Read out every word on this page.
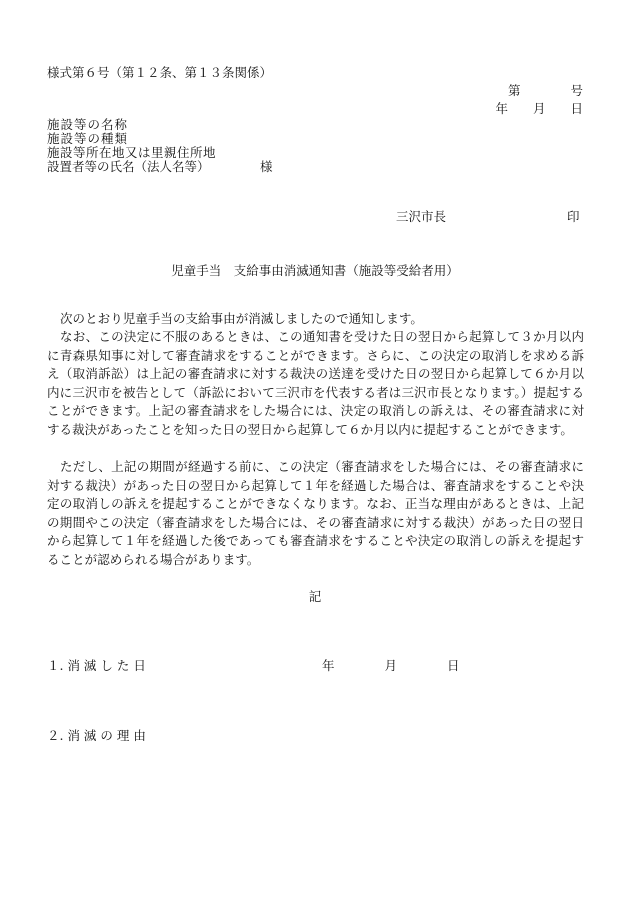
様式第６号（第１２条、第１３条関係）
第　　　　号
年　　月　　日
施設等の名称
施設等の種類
施設等所在地又は里親住所地
設置者等の氏名（法人名等）	様
三沢市長	印
児童手当　支給事由消滅通知書（施設等受給者用）
次のとおり児童手当の支給事由が消滅しましたので通知します。
なお、この決定に不服のあるときは、この通知書を受けた日の翌日から起算して３か月以内に青森県知事に対して審査請求をすることができます。さらに、この決定の取消しを求める訴え（取消訴訟）は上記の審査請求に対する裁決の送達を受けた日の翌日から起算して６か月以内に三沢市を被告として（訴訟において三沢市を代表する者は三沢市長となります。）提起することができます。上記の審査請求をした場合には、決定の取消しの訴えは、その審査請求に対する裁決があったことを知った日の翌日から起算して６か月以内に提起することができます。
ただし、上記の期間が経過する前に、この決定（審査請求をした場合には、その審査請求に対する裁決）があった日の翌日から起算して１年を経過した場合は、審査請求をすることや決定の取消しの訴えを提起することができなくなります。なお、正当な理由があるときは、上記の期間やこの決定（審査請求をした場合には、その審査請求に対する裁決）があった日の翌日から起算して１年を経過した後であっても審査請求をすることや決定の取消しの訴えを提起することが認められる場合があります。
記
１. 消 滅 し た 日	年　　　　月　　　　日
２. 消 滅 の 理 由
